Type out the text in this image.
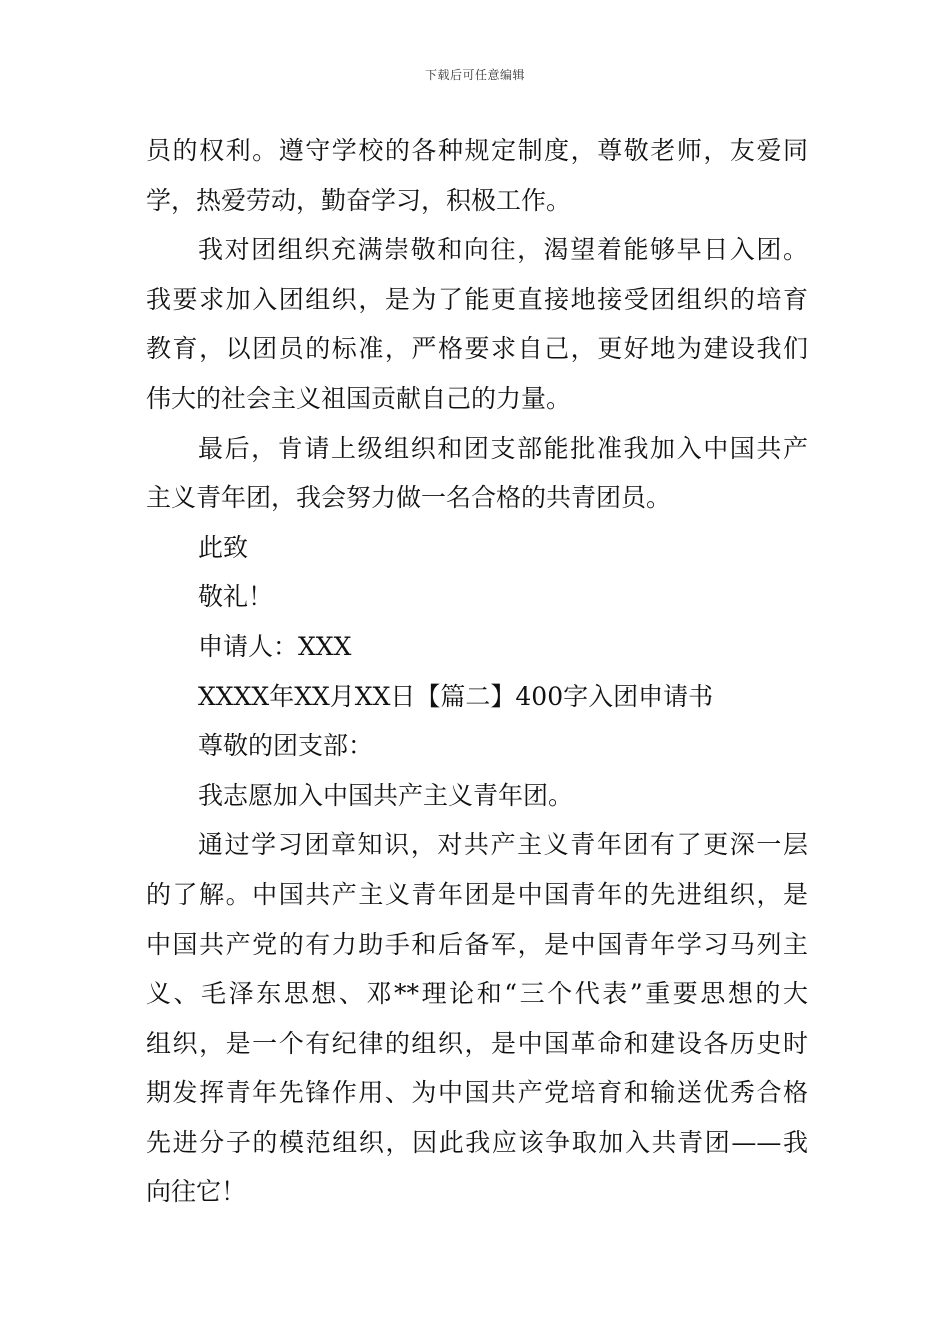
下载后可任意编辑
员的权利。遵守学校的各种规定制度，尊敬老师，友爱同
学，热爱劳动，勤奋学习，积极工作。
我对团组织充满崇敬和向往，渴望着能够早日入团。
我要求加入团组织，是为了能更直接地接受团组织的培育
教育，以团员的标准，严格要求自己，更好地为建设我们
伟大的社会主义祖国贡献自己的力量。
最后，肯请上级组织和团支部能批准我加入中国共产
主义青年团，我会努力做一名合格的共青团员。
此致
敬礼！
申请人：XXX
XXXX年XX月XX日【篇二】400字入团申请书
尊敬的团支部：
我志愿加入中国共产主义青年团。
通过学习团章知识，对共产主义青年团有了更深一层
的了解。中国共产主义青年团是中国青年的先进组织，是
中国共产党的有力助手和后备军，是中国青年学习马列主
义、毛泽东思想、邓**理论和“三个代表”重要思想的大
组织，是一个有纪律的组织，是中国革命和建设各历史时
期发挥青年先锋作用、为中国共产党培育和输送优秀合格
先进分子的模范组织，因此我应该争取加入共青团——我
向往它！
